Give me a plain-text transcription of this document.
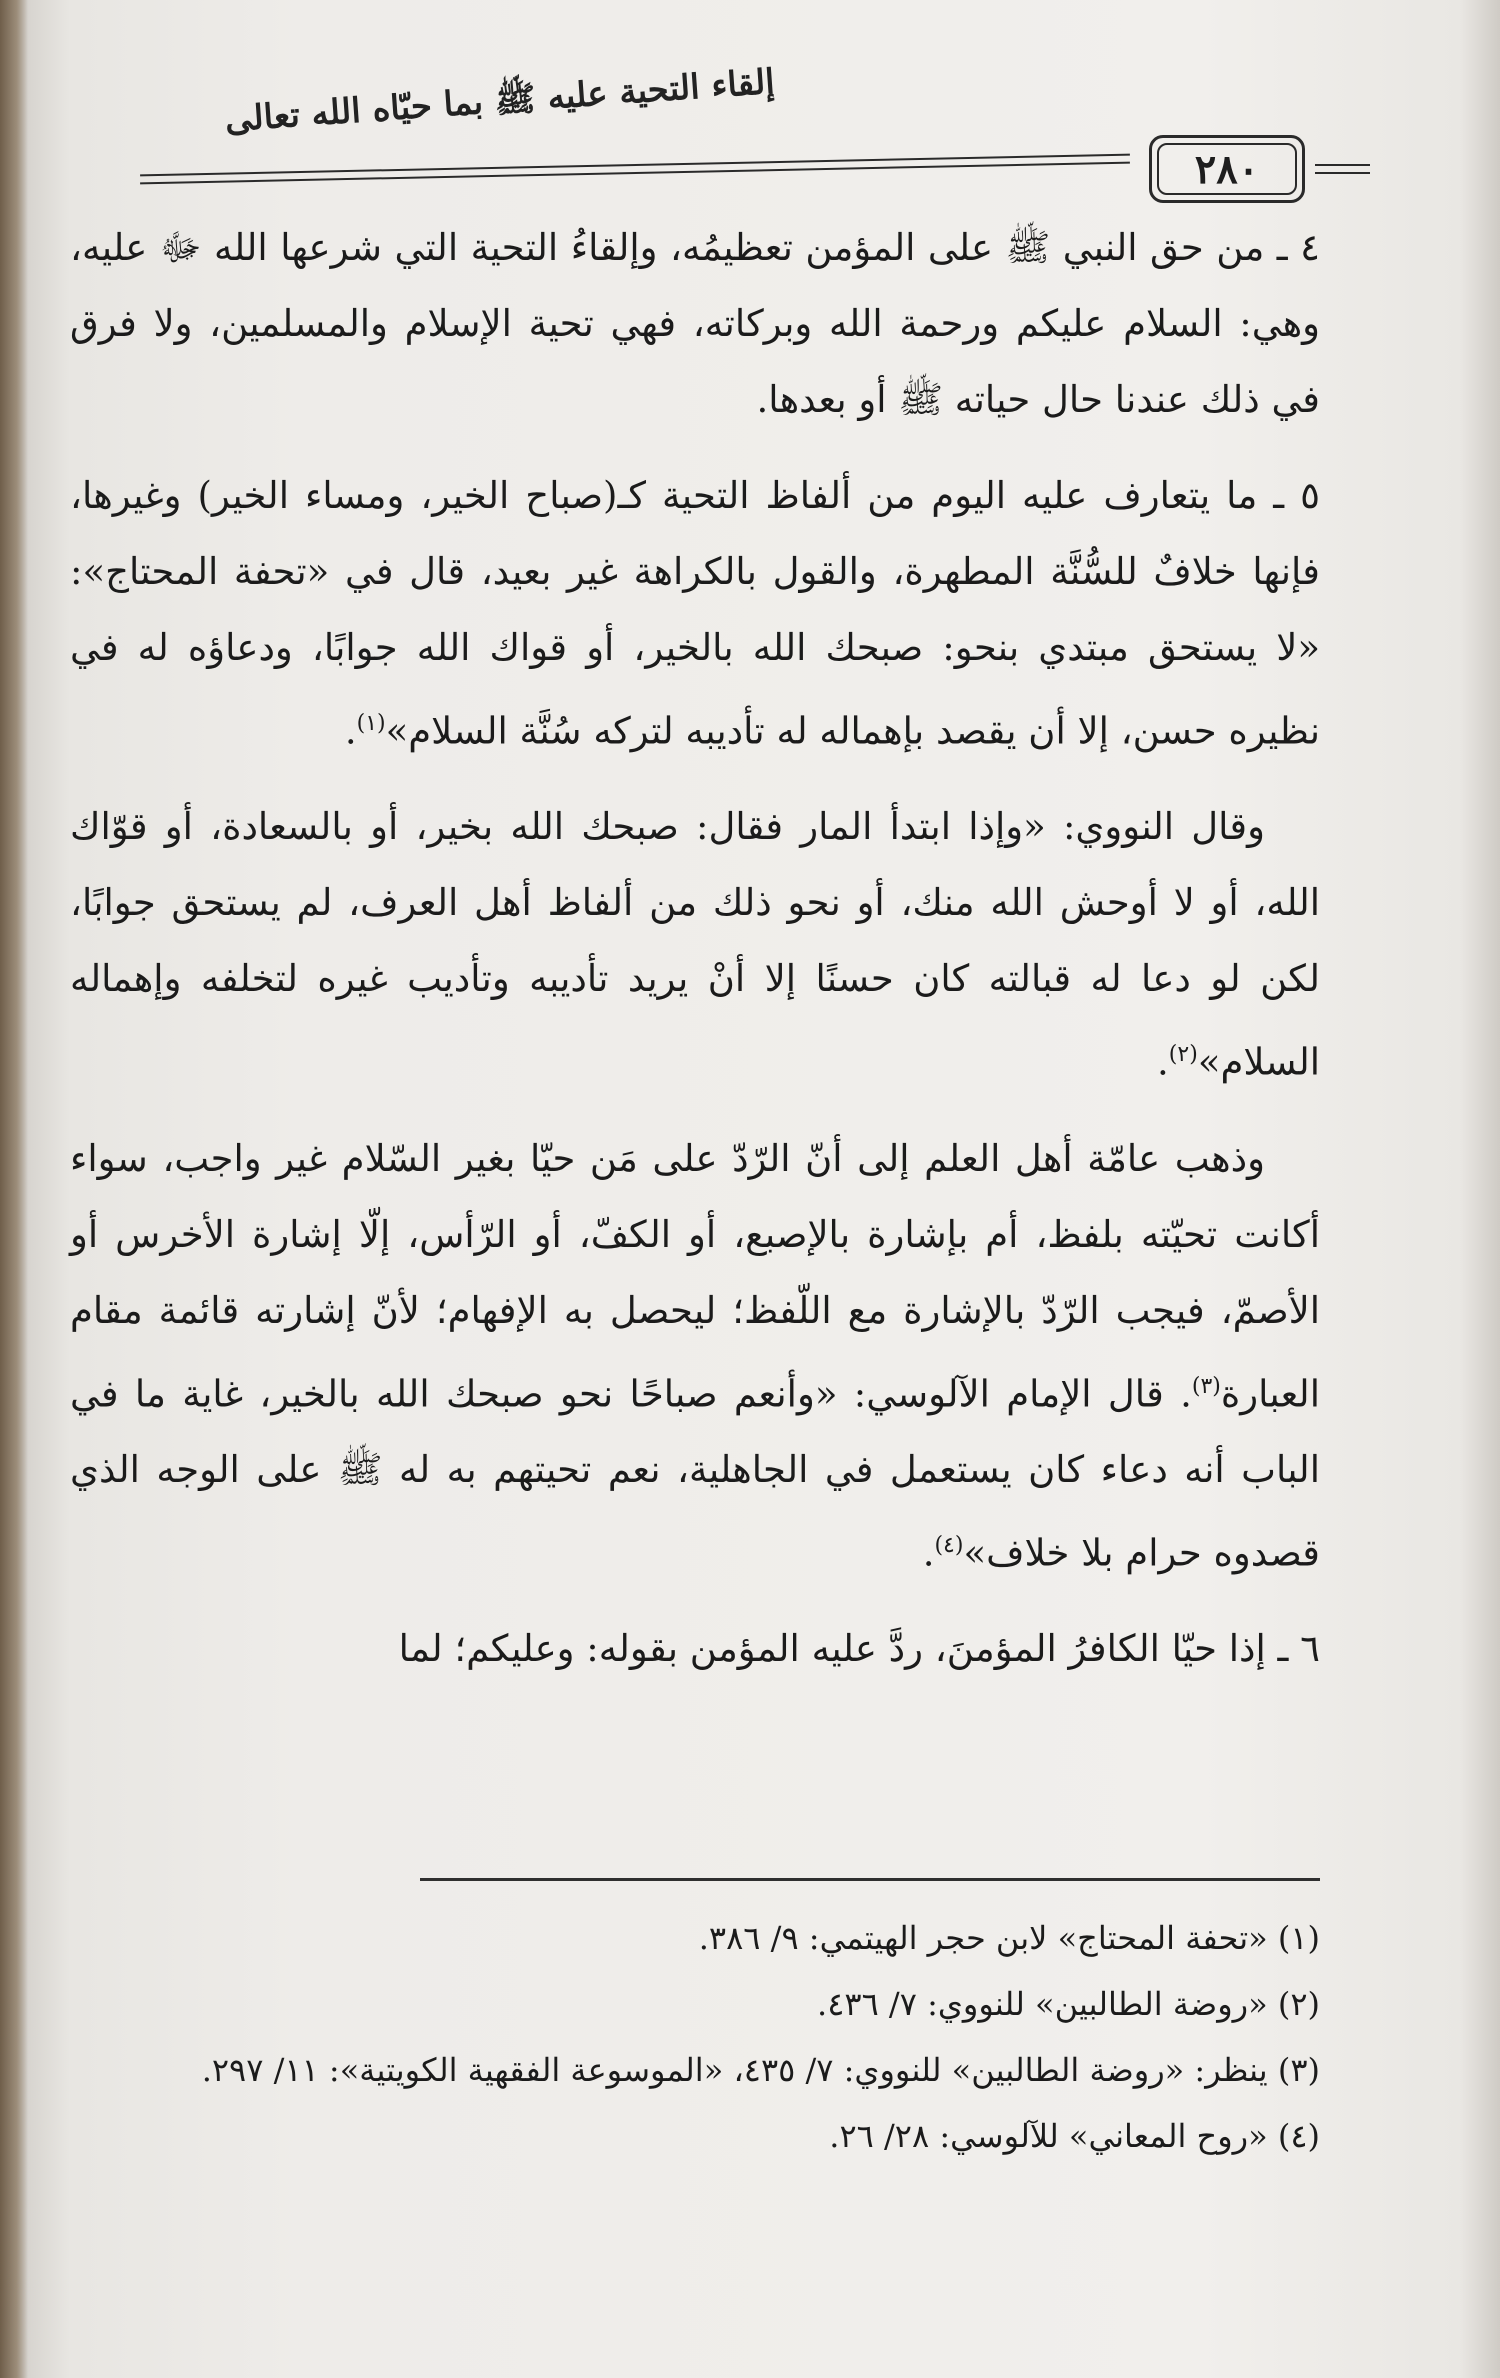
إلقاء التحية عليه ﷺ بما حيّاه الله تعالى
٢٨٠

٤ ـ من حق النبي ﷺ على المؤمن تعظيمُه، وإلقاءُ التحية التي شرعها الله ﷻ عليه، وهي: السلام عليكم ورحمة الله وبركاته، فهي تحية الإسلام والمسلمين، ولا فرق في ذلك عندنا حال حياته ﷺ أو بعدها.

٥ ـ ما يتعارف عليه اليوم من ألفاظ التحية كـ(صباح الخير، ومساء الخير) وغيرها، فإنها خلافٌ للسُّنَّة المطهرة، والقول بالكراهة غير بعيد، قال في «تحفة المحتاج»: «لا يستحق مبتدي بنحو: صبحك الله بالخير، أو قواك الله جوابًا، ودعاؤه له في نظيره حسن، إلا أن يقصد بإهماله له تأديبه لتركه سُنَّة السلام»$^{(١)}$.

وقال النووي: «وإذا ابتدأ المار فقال: صبحك الله بخير، أو بالسعادة، أو قوّاك الله، أو لا أوحش الله منك، أو نحو ذلك من ألفاظ أهل العرف، لم يستحق جوابًا، لكن لو دعا له قبالته كان حسنًا إلا أنْ يريد تأديبه وتأديب غيره لتخلفه وإهماله السلام»$^{(٢)}$.

وذهب عامّة أهل العلم إلى أنّ الرّدّ على مَن حيّا بغير السّلام غير واجب، سواء أكانت تحيّته بلفظ، أم بإشارة بالإصبع، أو الكفّ، أو الرّأس، إلّا إشارة الأخرس أو الأصمّ، فيجب الرّدّ بالإشارة مع اللّفظ؛ ليحصل به الإفهام؛ لأنّ إشارته قائمة مقام العبارة$^{(٣)}$. قال الإمام الآلوسي: «وأنعم صباحًا نحو صبحك الله بالخير، غاية ما في الباب أنه دعاء كان يستعمل في الجاهلية، نعم تحيتهم به له ﷺ على الوجه الذي قصدوه حرام بلا خلاف»$^{(٤)}$.

٦ ـ إذا حيّا الكافرُ المؤمنَ، ردَّ عليه المؤمن بقوله: وعليكم؛ لما

(١) «تحفة المحتاج» لابن حجر الهيتمي: ٩/ ٣٨٦.

(٢) «روضة الطالبين» للنووي: ٧/ ٤٣٦.

(٣) ينظر: «روضة الطالبين» للنووي: ٧/ ٤٣٥، «الموسوعة الفقهية الكويتية»: ١١/ ٢٩٧.

(٤) «روح المعاني» للآلوسي: ٢٨/ ٢٦.
